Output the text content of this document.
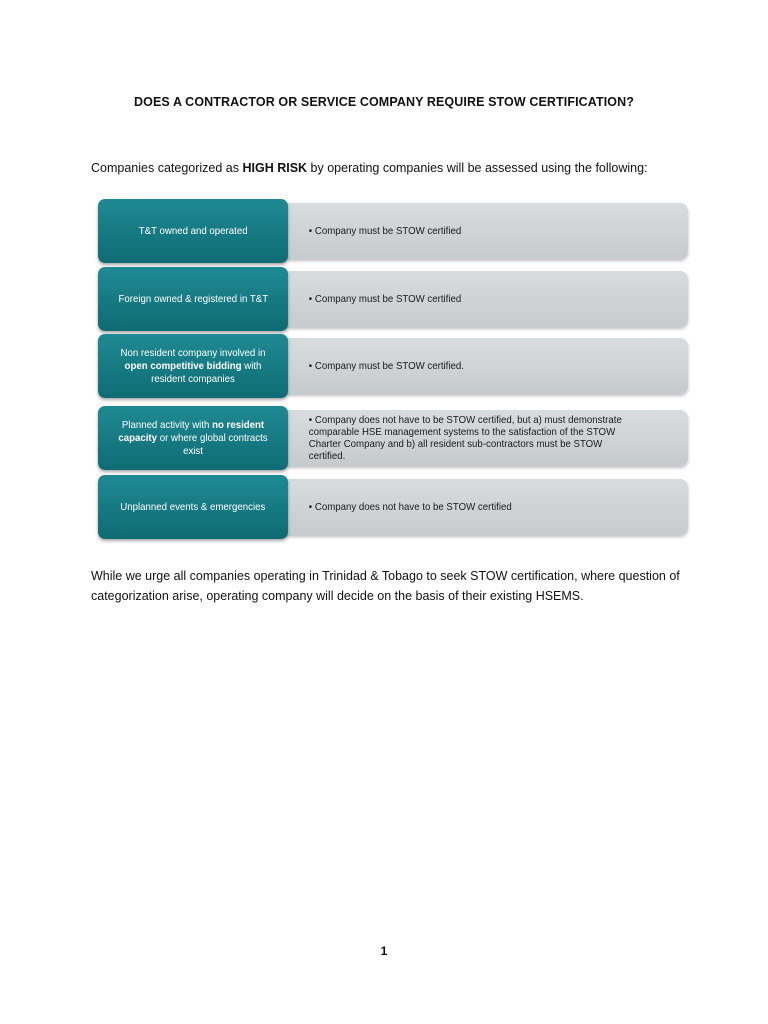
DOES A CONTRACTOR OR SERVICE COMPANY REQUIRE STOW CERTIFICATION?
Companies categorized as HIGH RISK by operating companies will be assessed using the following:
• Company must be STOW certified
T&T owned and operated
• Company must be STOW certified
Foreign owned & registered in T&T
• Company must be STOW certified.
Non resident company involved in open competitive bidding with resident companies
• Company does not have to be STOW certified, but a) must demonstrate comparable HSE management systems to the satisfaction of the STOW Charter Company and b) all resident sub-contractors must be STOW certified.
Planned activity with no resident capacity or where global contracts exist
• Company does not have to be STOW certified
Unplanned events & emergencies
While we urge all companies operating in Trinidad & Tobago to seek STOW certification, where question of categorization arise, operating company will decide on the basis of their existing HSEMS.
1
